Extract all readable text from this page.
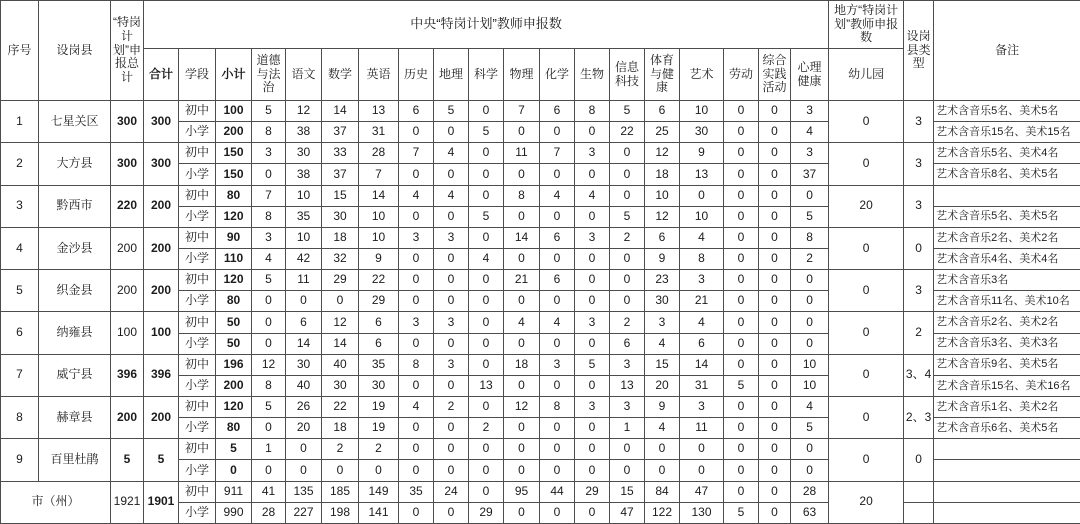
序号	设岗县	“特岗计划”申报总计	中央“特岗计划”教师申报数																			地方“特岗计划”教师申报数	设岗县类型	备注
			合计	学段	小计	道德与法治	语文	数学	英语	历史	地理	科学	物理	化学	生物	信息科技	体育与健康	艺术	劳动	综合实践活动	心理健康	幼儿园		
1	七星关区	300	300	初中	100	5	12	14	13	6	5	0	7	6	8	5	6	10	0	0	3	0	3	艺术含音乐5名、美术5名
				小学	200	8	38	37	31	0	0	5	0	0	0	22	25	30	0	0	4			艺术含音乐15名、美术15名
2	大方县	300	300	初中	150	3	30	33	28	7	4	0	11	7	3	0	12	9	0	0	3	0	3	艺术含音乐5名、美术4名
				小学	150	0	38	37	7	0	0	0	0	0	0	0	18	13	0	0	37			艺术含音乐8名、美术5名
3	黔西市	220	200	初中	80	7	10	15	14	4	4	0	8	4	4	0	10	0	0	0	0	20	3	
				小学	120	8	35	30	10	0	0	5	0	0	0	5	12	10	0	0	5			艺术含音乐5名、美术5名
4	金沙县	200	200	初中	90	3	10	18	10	3	3	0	14	6	3	2	6	4	0	0	8	0	0	艺术含音乐2名、美术2名
				小学	110	4	42	32	9	0	0	4	0	0	0	0	9	8	0	0	2			艺术含音乐4名、美术4名
5	织金县	200	200	初中	120	5	11	29	22	0	0	0	21	6	0	0	23	3	0	0	0	0	3	艺术含音乐3名
				小学	80	0	0	0	29	0	0	0	0	0	0	0	30	21	0	0	0			艺术含音乐11名、美术10名
6	纳雍县	100	100	初中	50	0	6	12	6	3	3	0	4	4	3	2	3	4	0	0	0	0	2	艺术含音乐2名、美术2名
				小学	50	0	14	14	6	0	0	0	0	0	0	6	4	6	0	0	0			艺术含音乐3名、美术3名
7	威宁县	396	396	初中	196	12	30	40	35	8	3	0	18	3	5	3	15	14	0	0	10	0	3、4	艺术含音乐9名、美术5名
				小学	200	8	40	30	30	0	0	13	0	0	0	13	20	31	5	0	10			艺术含音乐15名、美术16名
8	赫章县	200	200	初中	120	5	26	22	19	4	2	0	12	8	3	3	9	3	0	0	4	0	2、3	艺术含音乐1名、美术2名
				小学	80	0	20	18	19	0	0	2	0	0	0	1	4	11	0	0	5			艺术含音乐6名、美术5名
9	百里杜鹃	5	5	初中	5	1	0	2	2	0	0	0	0	0	0	0	0	0	0	0	0	0	0	
				小学	0	0	0	0	0	0	0	0	0	0	0	0	0	0	0	0	0			
市（州）		1921	1901	初中	911	41	135	185	149	35	24	0	95	44	29	15	84	47	0	0	28	20		
				小学	990	28	227	198	141	0	0	29	0	0	0	47	122	130	5	0	63			
